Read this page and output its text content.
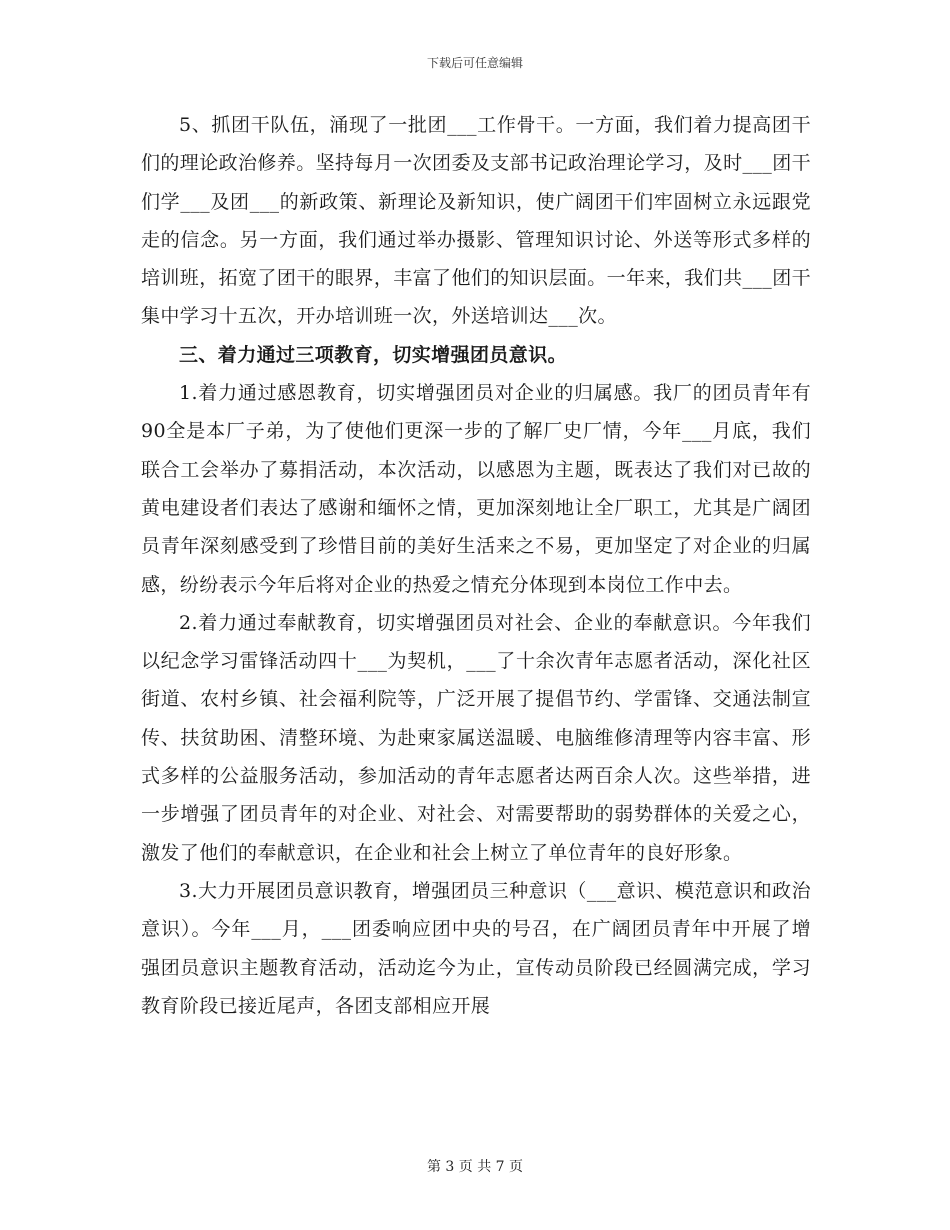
下载后可任意编辑

5、抓团干队伍，涌现了一批团___工作骨干。一方面，我们着力提高团干们的理论政治修养。坚持每月一次团委及支部书记政治理论学习，及时___团干们学___及团___的新政策、新理论及新知识，使广阔团干们牢固树立永远跟党走的信念。另一方面，我们通过举办摄影、管理知识讨论、外送等形式多样的培训班，拓宽了团干的眼界，丰富了他们的知识层面。一年来，我们共___团干集中学习十五次，开办培训班一次，外送培训达___次。

三、着力通过三项教育，切实增强团员意识。

1.着力通过感恩教育，切实增强团员对企业的归属感。我厂的团员青年有90全是本厂子弟，为了使他们更深一步的了解厂史厂情，今年___月底，我们联合工会举办了募捐活动，本次活动，以感恩为主题，既表达了我们对已故的黄电建设者们表达了感谢和缅怀之情，更加深刻地让全厂职工，尤其是广阔团员青年深刻感受到了珍惜目前的美好生活来之不易，更加坚定了对企业的归属感，纷纷表示今年后将对企业的热爱之情充分体现到本岗位工作中去。

2.着力通过奉献教育，切实增强团员对社会、企业的奉献意识。今年我们以纪念学习雷锋活动四十___为契机，___了十余次青年志愿者活动，深化社区街道、农村乡镇、社会福利院等，广泛开展了提倡节约、学雷锋、交通法制宣传、扶贫助困、清整环境、为赴柬家属送温暖、电脑维修清理等内容丰富、形式多样的公益服务活动，参加活动的青年志愿者达两百余人次。这些举措，进一步增强了团员青年的对企业、对社会、对需要帮助的弱势群体的关爱之心，激发了他们的奉献意识，在企业和社会上树立了单位青年的良好形象。

3.大力开展团员意识教育，增强团员三种意识（___意识、模范意识和政治意识）。今年___月，___团委响应团中央的号召，在广阔团员青年中开展了增强团员意识主题教育活动，活动迄今为止，宣传动员阶段已经圆满完成，学习教育阶段已接近尾声，各团支部相应开展

第 3 页 共 7 页
